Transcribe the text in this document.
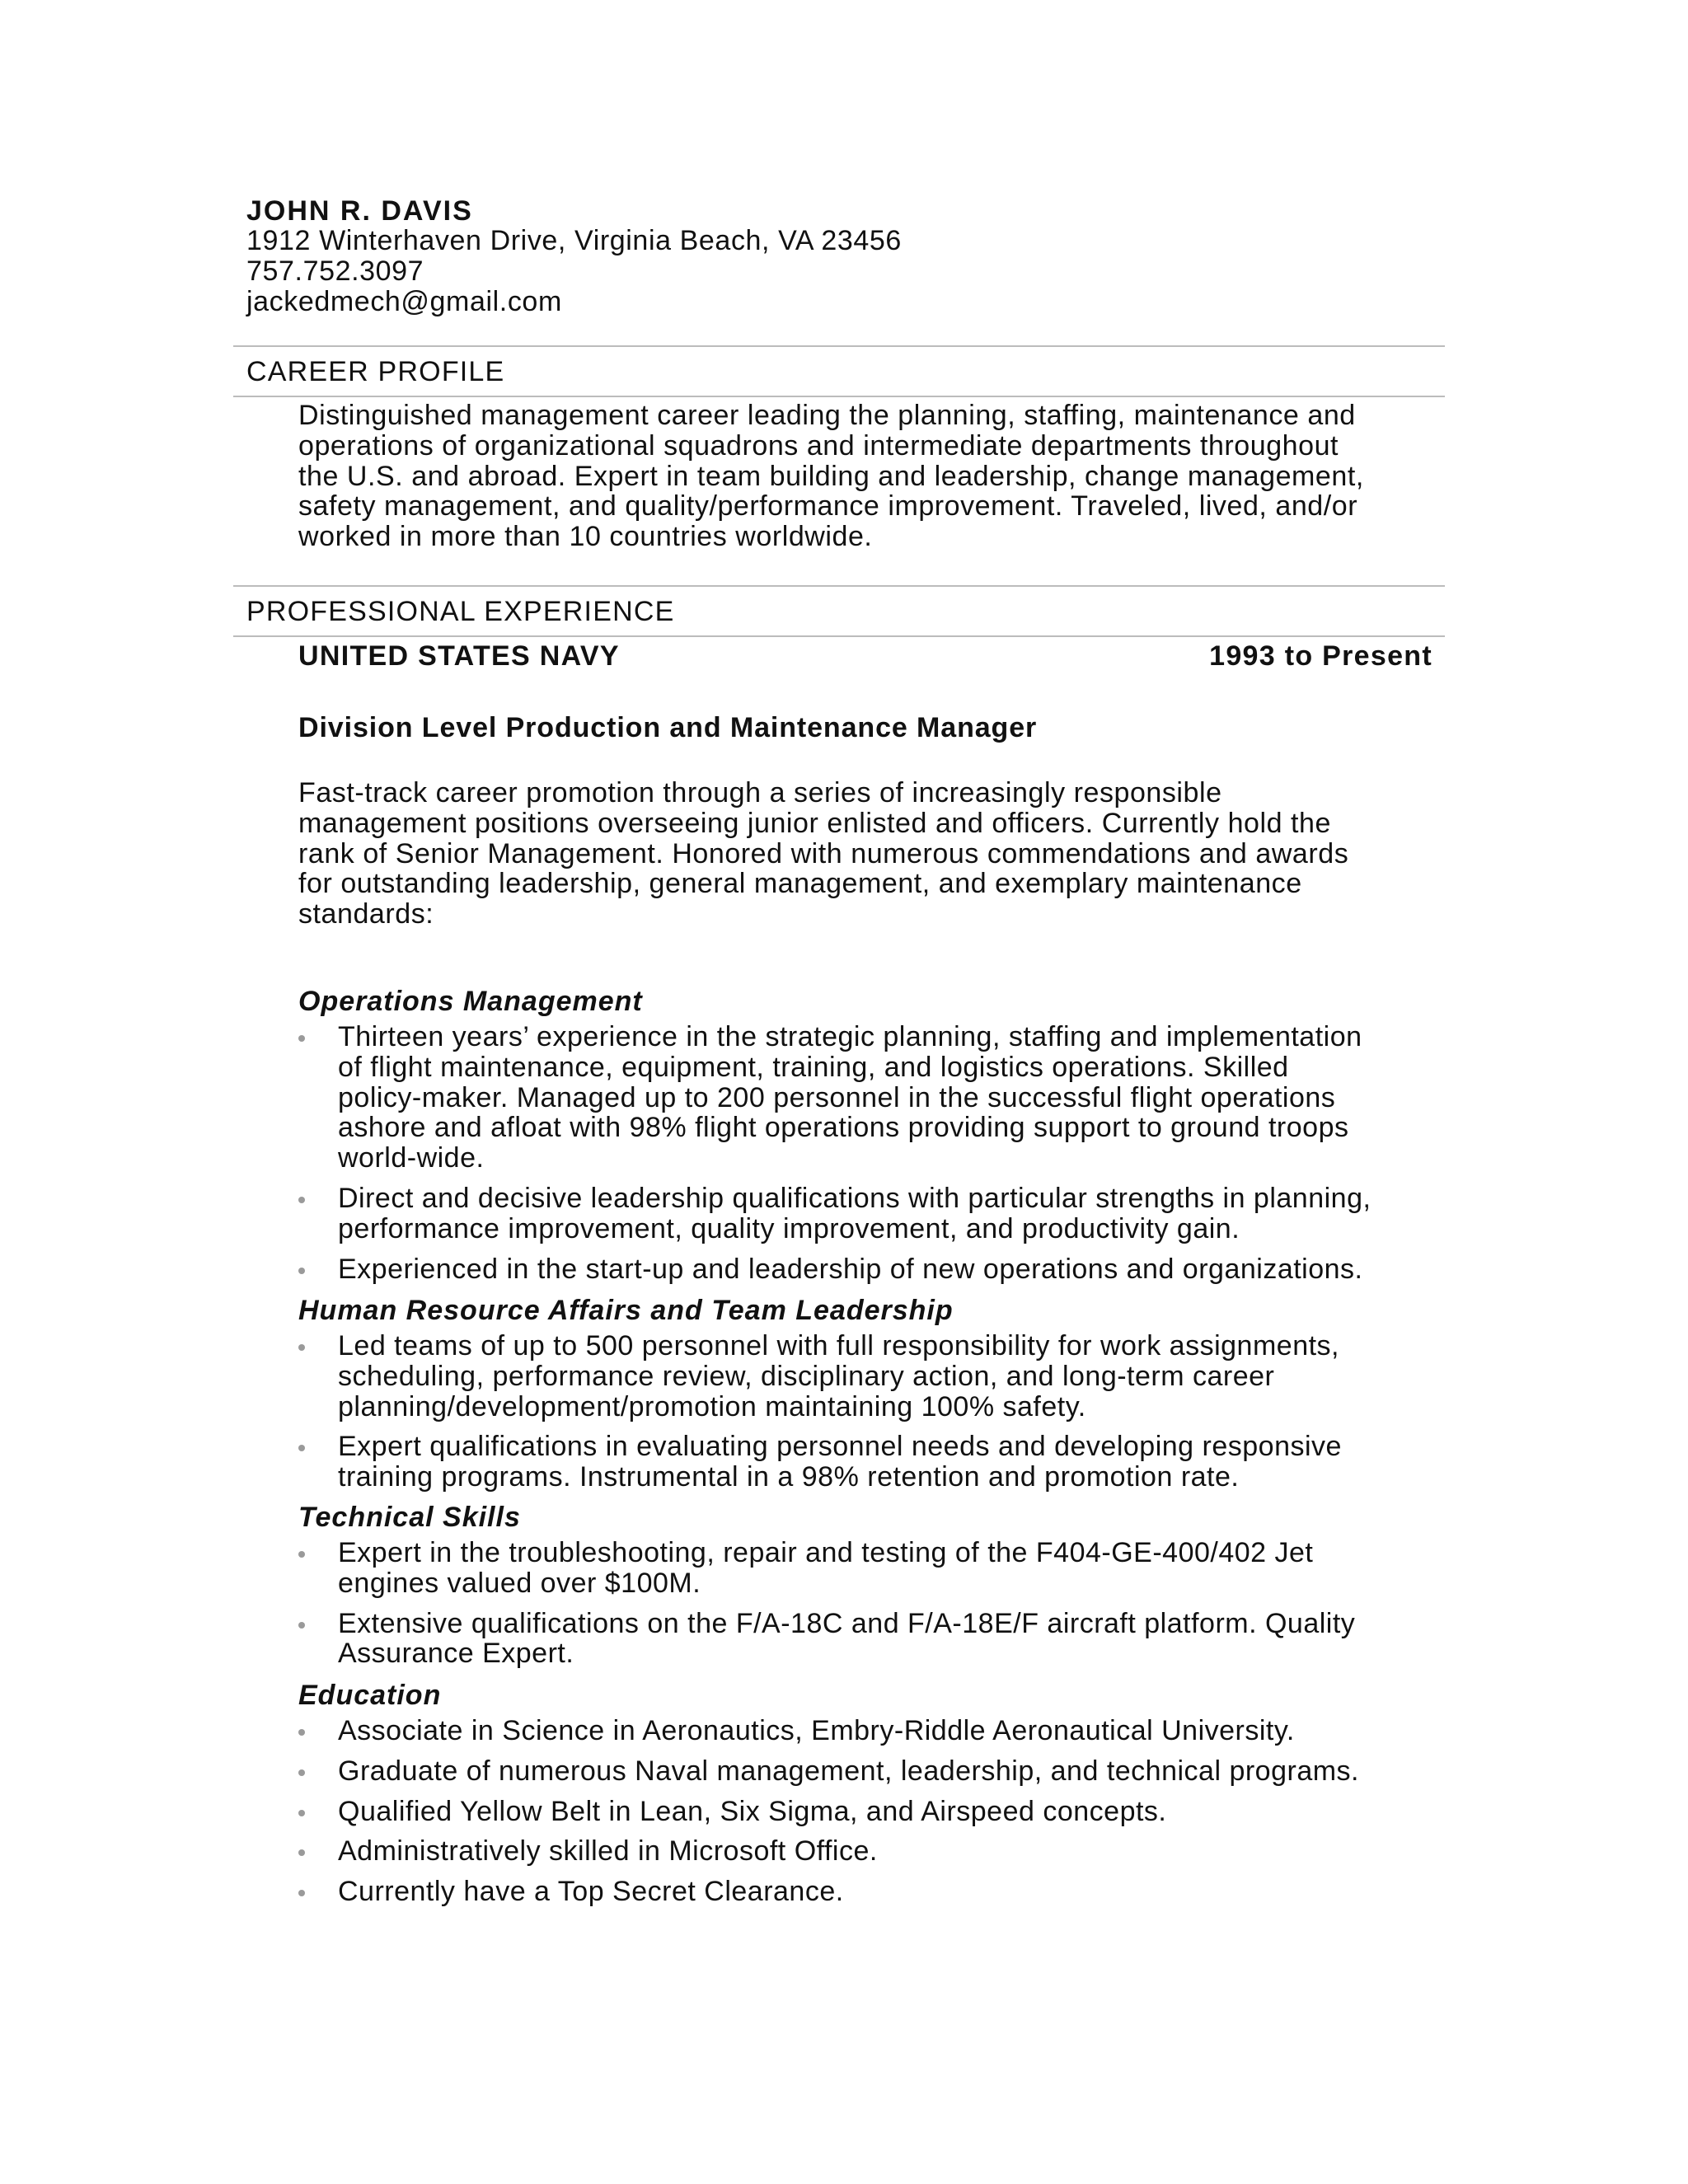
JOHN R. DAVIS
1912 Winterhaven Drive, Virginia Beach, VA 23456
757.752.3097
jackedmech@gmail.com
CAREER PROFILE
Distinguished management career leading the planning, staffing, maintenance and
operations of organizational squadrons and intermediate departments throughout
the U.S. and abroad. Expert in team building and leadership, change management,
safety management, and quality/performance improvement. Traveled, lived, and/or
worked in more than 10 countries worldwide.
PROFESSIONAL EXPERIENCE
UNITED STATES NAVY	1993 to Present
Division Level Production and Maintenance Manager
Fast-track career promotion through a series of increasingly responsible
management positions overseeing junior enlisted and officers. Currently hold the
rank of Senior Management. Honored with numerous commendations and awards
for outstanding leadership, general management, and exemplary maintenance
standards:
Operations Management
Thirteen years’ experience in the strategic planning, staffing and implementation
of flight maintenance, equipment, training, and logistics operations. Skilled
policy-maker. Managed up to 200 personnel in the successful flight operations
ashore and afloat with 98% flight operations providing support to ground troops
world-wide.
Direct and decisive leadership qualifications with particular strengths in planning,
performance improvement, quality improvement, and productivity gain.
Experienced in the start-up and leadership of new operations and organizations.
Human Resource Affairs and Team Leadership
Led teams of up to 500 personnel with full responsibility for work assignments,
scheduling, performance review, disciplinary action, and long-term career
planning/development/promotion maintaining 100% safety.
Expert qualifications in evaluating personnel needs and developing responsive
training programs. Instrumental in a 98% retention and promotion rate.
Technical Skills
Expert in the troubleshooting, repair and testing of the F404-GE-400/402 Jet
engines valued over $100M.
Extensive qualifications on the F/A-18C and F/A-18E/F aircraft platform. Quality
Assurance Expert.
Education
Associate in Science in Aeronautics, Embry-Riddle Aeronautical University.
Graduate of numerous Naval management, leadership, and technical programs.
Qualified Yellow Belt in Lean, Six Sigma, and Airspeed concepts.
Administratively skilled in Microsoft Office.
Currently have a Top Secret Clearance.
